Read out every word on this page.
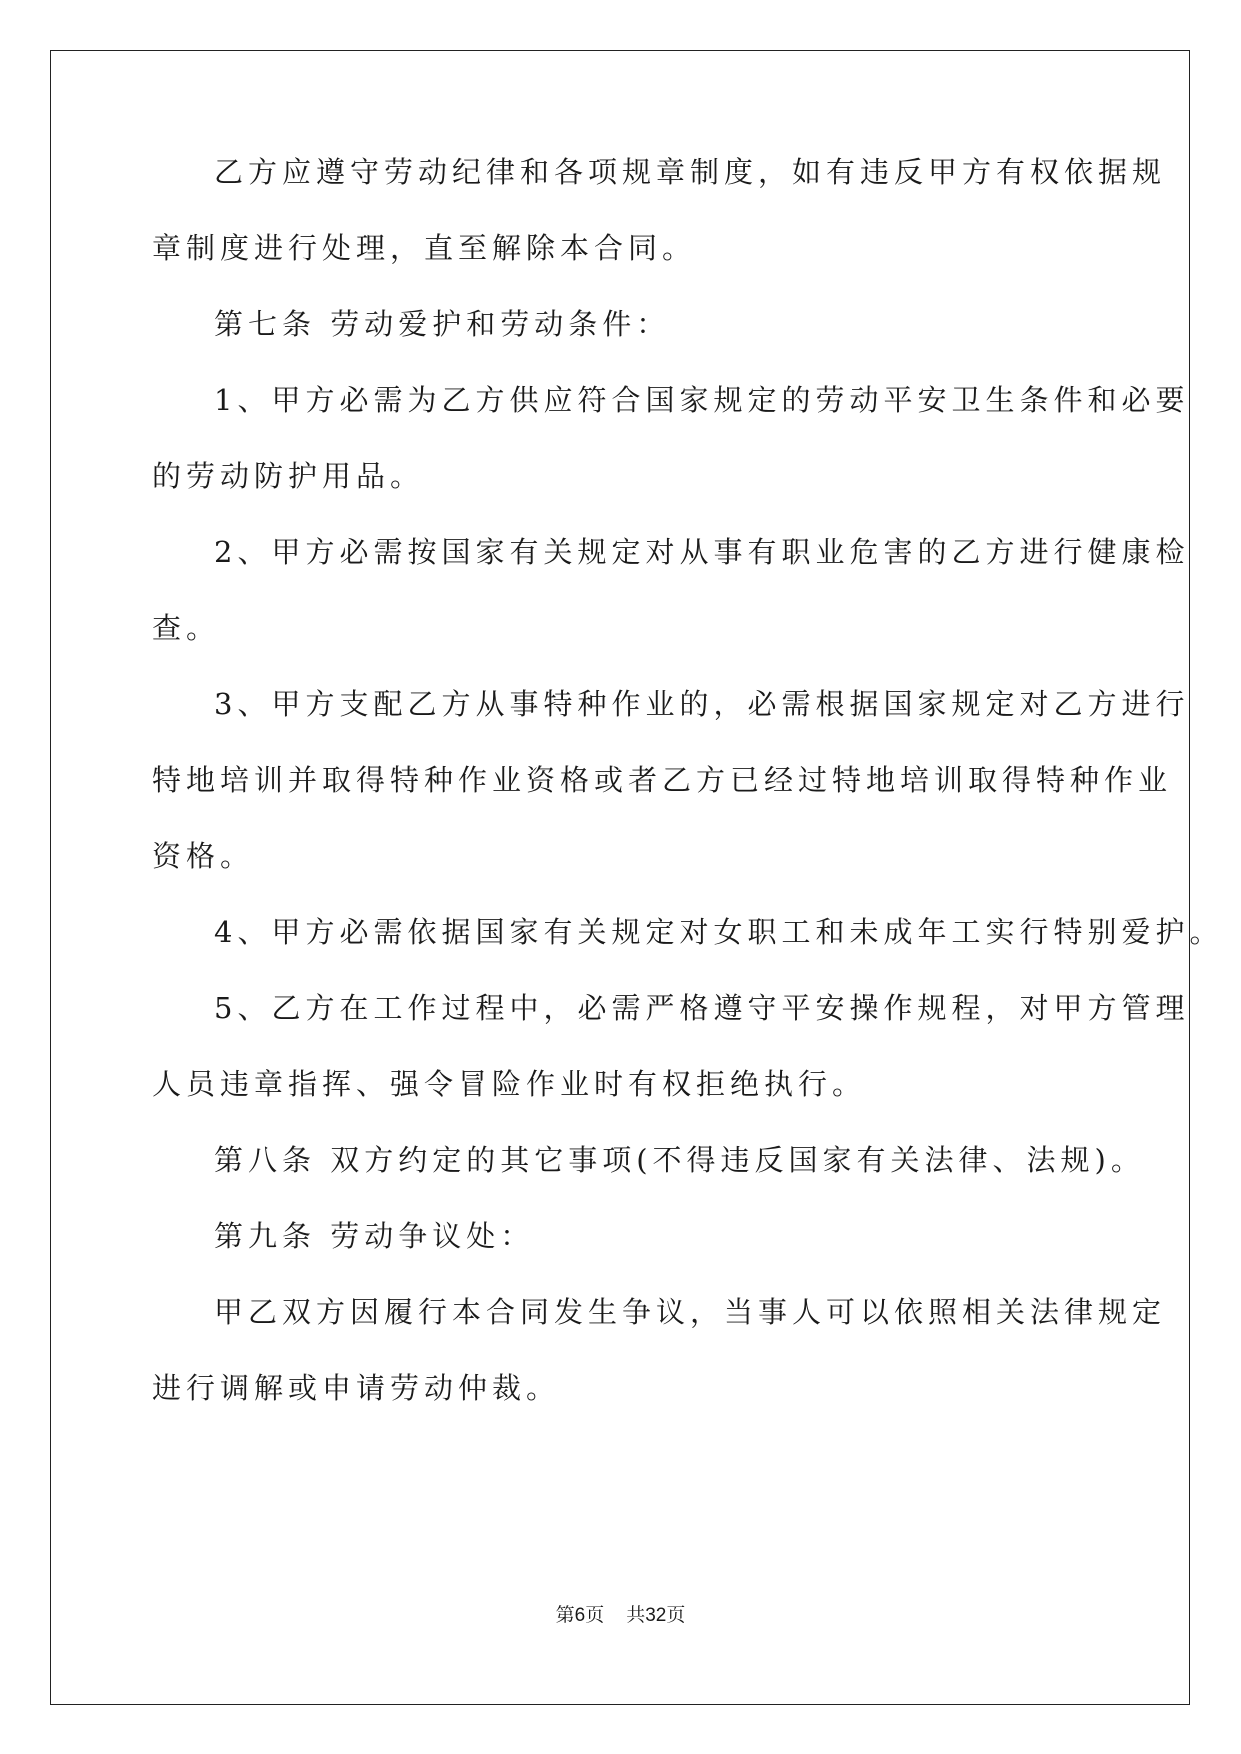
乙方应遵守劳动纪律和各项规章制度，如有违反甲方有权依据规
章制度进行处理，直至解除本合同。
第七条 劳动爱护和劳动条件：
1、甲方必需为乙方供应符合国家规定的劳动平安卫生条件和必要
的劳动防护用品。
2、甲方必需按国家有关规定对从事有职业危害的乙方进行健康检
查。
3、甲方支配乙方从事特种作业的，必需根据国家规定对乙方进行
特地培训并取得特种作业资格或者乙方已经过特地培训取得特种作业
资格。
4、甲方必需依据国家有关规定对女职工和未成年工实行特别爱护。
5、乙方在工作过程中，必需严格遵守平安操作规程，对甲方管理
人员违章指挥、强令冒险作业时有权拒绝执行。
第八条 双方约定的其它事项(不得违反国家有关法律、法规)。
第九条 劳动争议处：
甲乙双方因履行本合同发生争议，当事人可以依照相关法律规定
进行调解或申请劳动仲裁。
第6页 共32页
